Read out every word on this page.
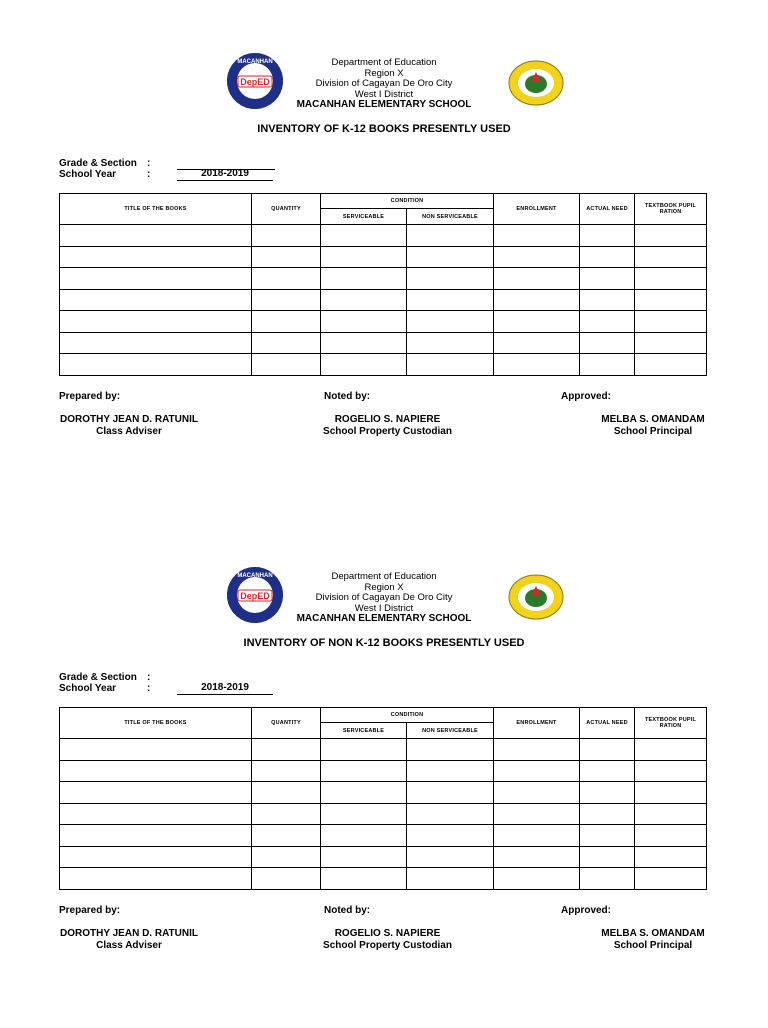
MACANHAN
DepED
Department of Education
Region X
Division of Cagayan De Oro City
West I District
MACANHAN ELEMENTARY SCHOOL
INVENTORY OF K-12 BOOKS PRESENTLY USED
Grade & Section :
School Year	:	2018-2019
TITLE OF THE BOOKS	QUANTITY	CONDITION		ENROLLMENT	ACTUAL NEED	TEXTBOOK PUPIL RATION
		SERVICEABLE	NON SERVICEABLE			

Prepared by:	Noted by:	Approved:
DOROTHY JEAN D. RATUNIL
Class Adviser
ROGELIO S. NAPIERE
School Property Custodian
MELBA S. OMANDAM
School Principal
MACANHAN
DepED
Department of Education
Region X
Division of Cagayan De Oro City
West I District
MACANHAN ELEMENTARY SCHOOL
INVENTORY OF NON K-12 BOOKS PRESENTLY USED
Grade & Section :
School Year	:	2018-2019
TITLE OF THE BOOKS	QUANTITY	CONDITION		ENROLLMENT	ACTUAL NEED	TEXTBOOK PUPIL RATION
		SERVICEABLE	NON SERVICEABLE			

Prepared by:	Noted by:	Approved:
DOROTHY JEAN D. RATUNIL
Class Adviser
ROGELIO S. NAPIERE
School Property Custodian
MELBA S. OMANDAM
School Principal
